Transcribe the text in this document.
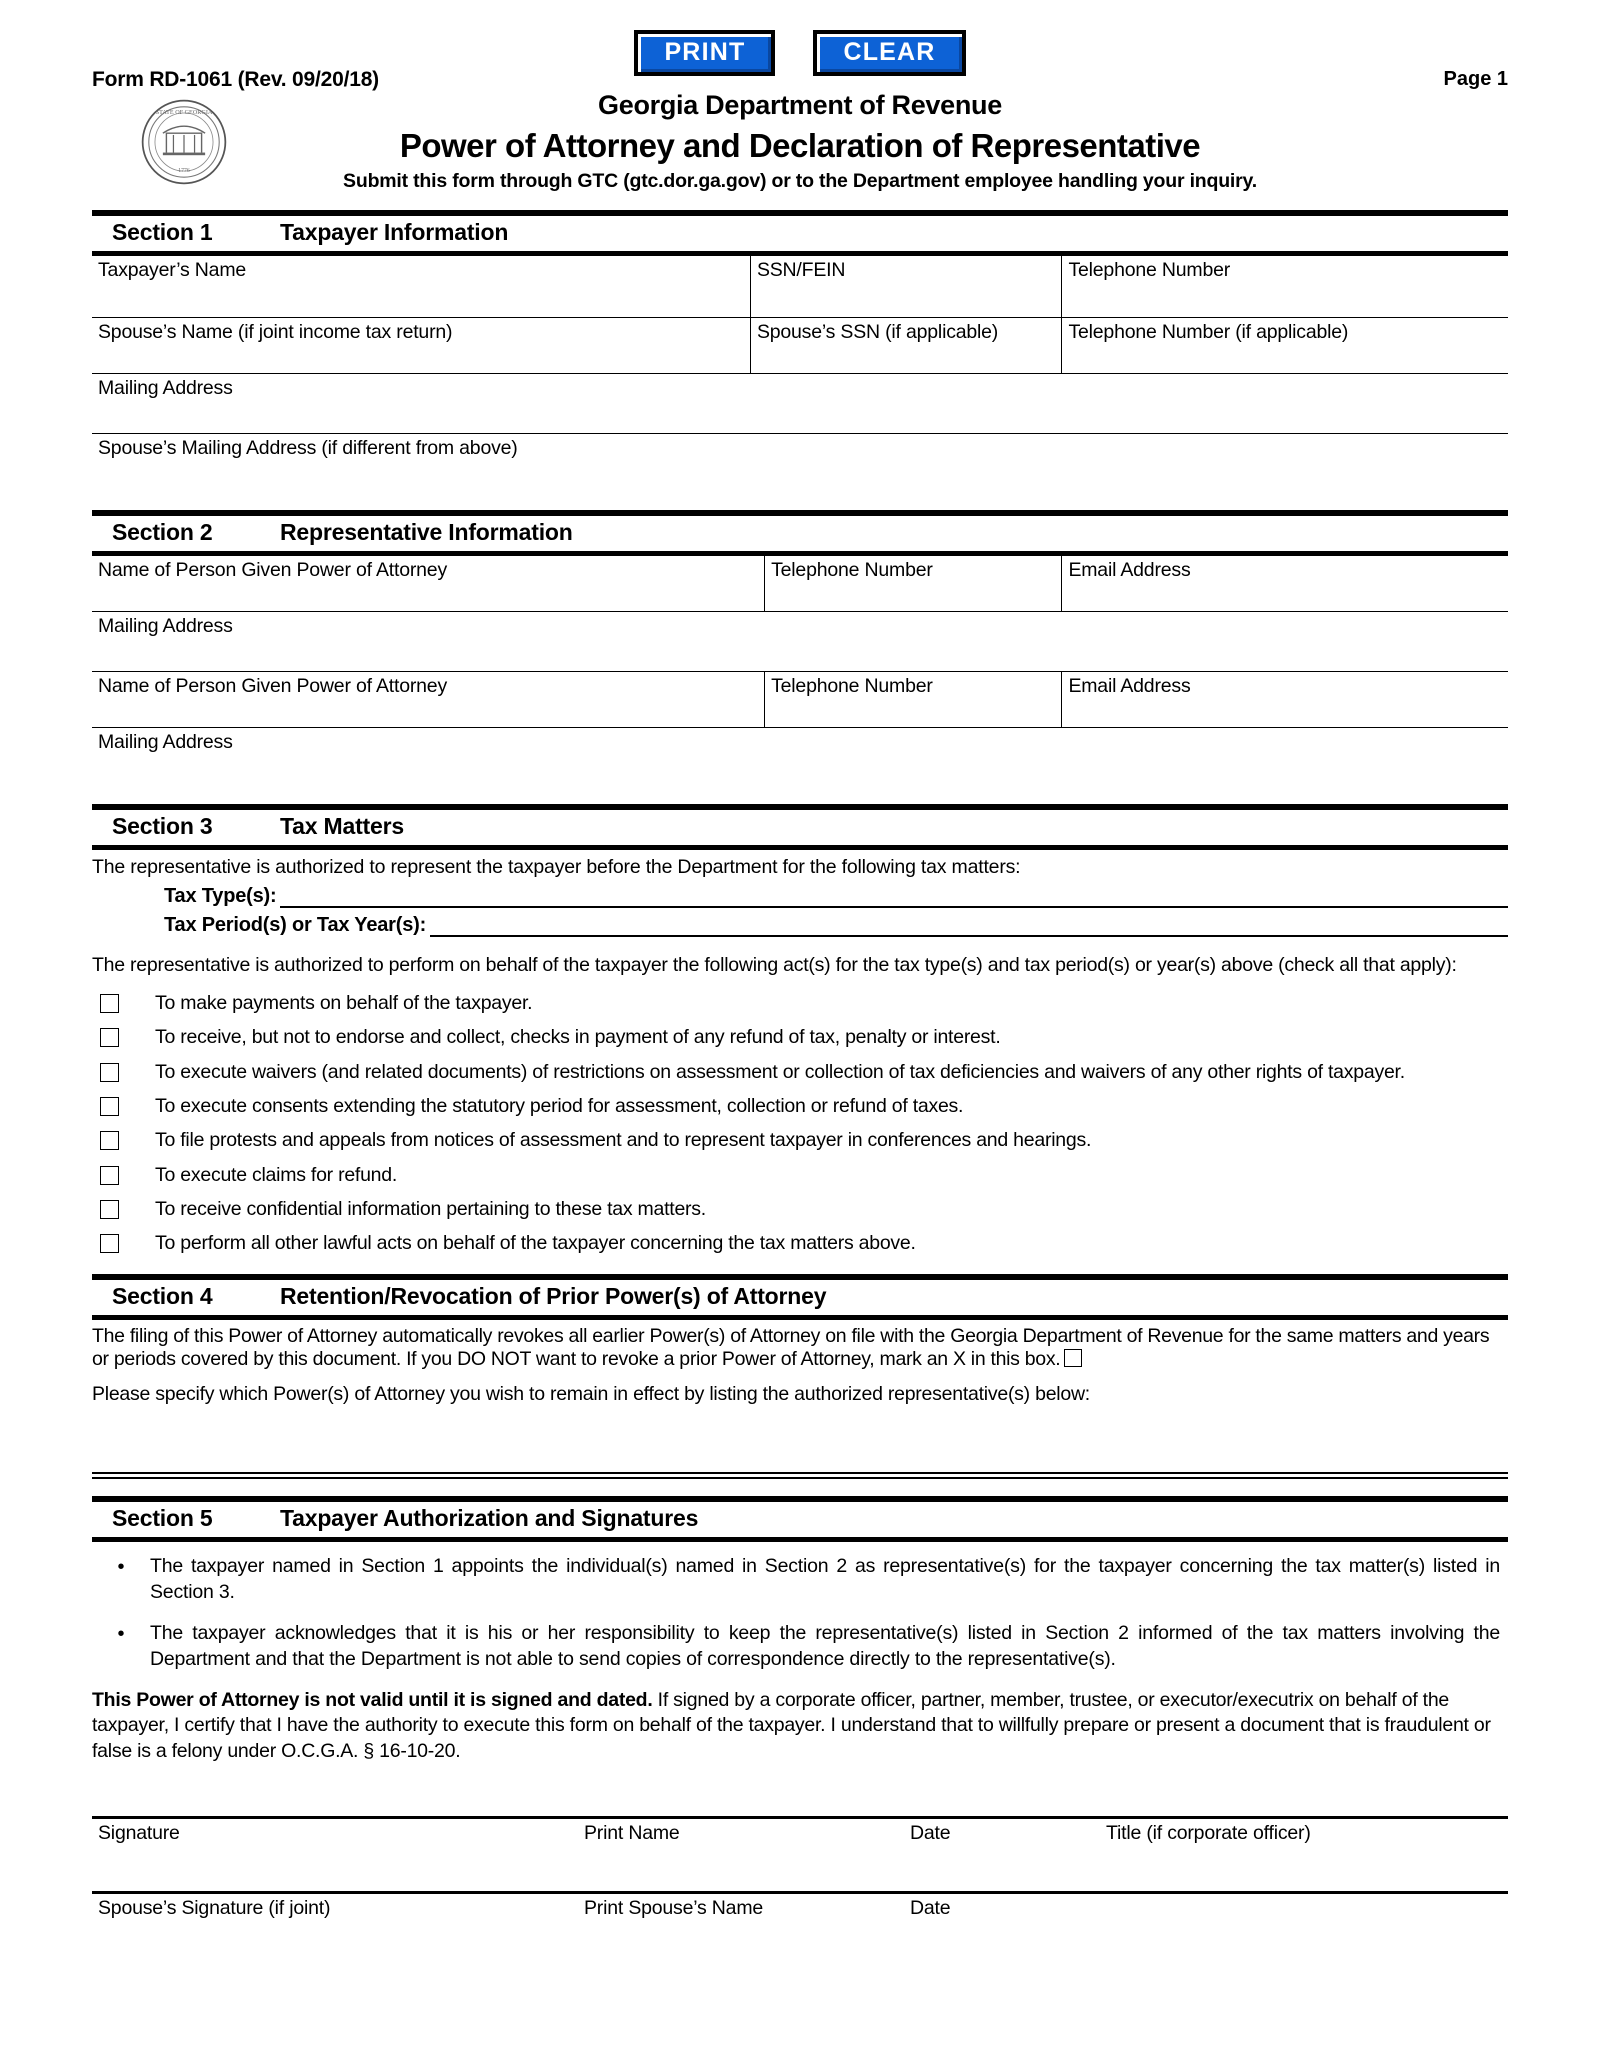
Form RD-1061 (Rev. 09/20/18)	Page 1
PRINT	CLEAR
STATE OF GEORGIA
1776
Georgia Department of Revenue
Power of Attorney and Declaration of Representative
Submit this form through GTC (gtc.dor.ga.gov) or to the Department employee handling your inquiry.
Section 1	Taxpayer Information
Taxpayer’s Name	SSN/FEIN	Telephone Number
Spouse’s Name (if joint income tax return)	Spouse’s SSN (if applicable)	Telephone Number (if applicable)
Mailing Address		
Spouse’s Mailing Address (if different from above)		
Section 2	Representative Information
Name of Person Given Power of Attorney	Telephone Number	Email Address
Mailing Address		
Name of Person Given Power of Attorney	Telephone Number	Email Address
Mailing Address		
Section 3	Tax Matters
The representative is authorized to represent the taxpayer before the Department for the following tax matters:
Tax Type(s):
Tax Period(s) or Tax Year(s):
The representative is authorized to perform on behalf of the taxpayer the following act(s) for the tax type(s) and tax period(s) or year(s) above (check all that apply):
To make payments on behalf of the taxpayer.
To receive, but not to endorse and collect, checks in payment of any refund of tax, penalty or interest.
To execute waivers (and related documents) of restrictions on assessment or collection of tax deficiencies and waivers of any other rights of taxpayer.
To execute consents extending the statutory period for assessment, collection or refund of taxes.
To file protests and appeals from notices of assessment and to represent taxpayer in conferences and hearings.
To execute claims for refund.
To receive confidential information pertaining to these tax matters.
To perform all other lawful acts on behalf of the taxpayer concerning the tax matters above.
Section 4	Retention/Revocation of Prior Power(s) of Attorney
The filing of this Power of Attorney automatically revokes all earlier Power(s) of Attorney on file with the Georgia Department of Revenue for the same matters and years or periods covered by this document. If you DO NOT want to revoke a prior Power of Attorney, mark an X in this box.
Please specify which Power(s) of Attorney you wish to remain in effect by listing the authorized representative(s) below:
Section 5	Taxpayer Authorization and Signatures
•	The taxpayer named in Section 1 appoints the individual(s) named in Section 2 as representative(s) for the taxpayer concerning the tax matter(s) listed in Section 3.
•	The taxpayer acknowledges that it is his or her responsibility to keep the representative(s) listed in Section 2 informed of the tax matters involving the Department and that the Department is not able to send copies of correspondence directly to the representative(s).
This Power of Attorney is not valid until it is signed and dated. If signed by a corporate officer, partner, member, trustee, or executor/executrix on behalf of the taxpayer, I certify that I have the authority to execute this form on behalf of the taxpayer. I understand that to willfully prepare or present a document that is fraudulent or false is a felony under O.C.G.A. § 16-10-20.
Signature	Print Name	Date	Title (if corporate officer)
Spouse’s Signature (if joint)	Print Spouse’s Name	Date
